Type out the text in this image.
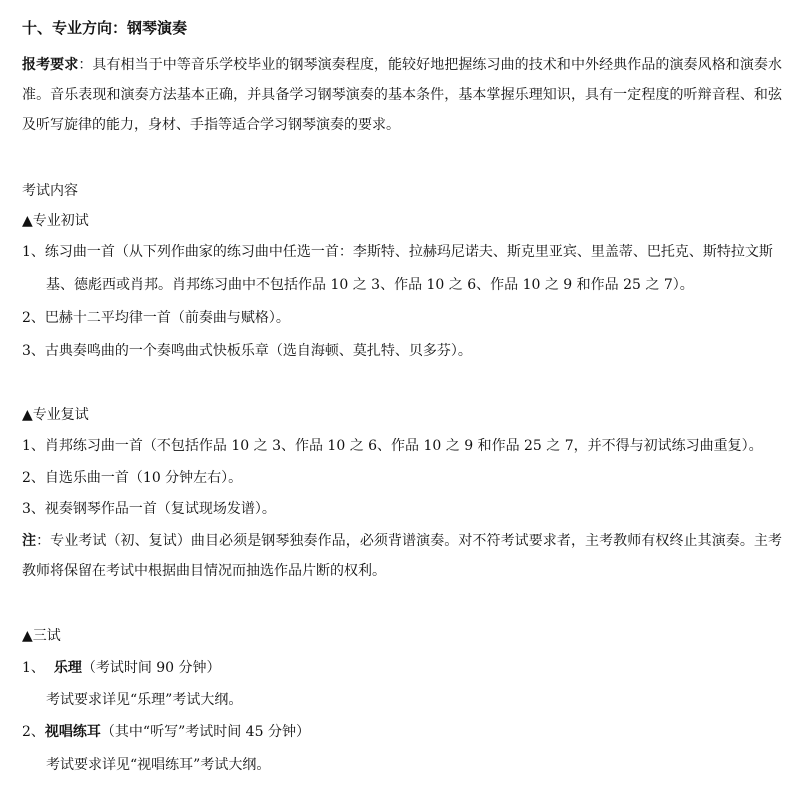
十、专业方向：钢琴演奏
报考要求：具有相当于中等音乐学校毕业的钢琴演奏程度，能较好地把握练习曲的技术和中外经典作品的演奏风格和演奏水准。音乐表现和演奏方法基本正确，并具备学习钢琴演奏的基本条件，基本掌握乐理知识，具有一定程度的听辩音程、和弦及听写旋律的能力，身材、手指等适合学习钢琴演奏的要求。
考试内容
▲专业初试
1、练习曲一首（从下列作曲家的练习曲中任选一首：李斯特、拉赫玛尼诺夫、斯克里亚宾、里盖蒂、巴托克、斯特拉文斯
基、德彪西或肖邦。肖邦练习曲中不包括作品 10 之 3、作品 10 之 6、作品 10 之 9 和作品 25 之 7）。
2、巴赫十二平均律一首（前奏曲与赋格）。
3、古典奏鸣曲的一个奏鸣曲式快板乐章（选自海顿、莫扎特、贝多芬）。
▲专业复试
1、肖邦练习曲一首（不包括作品 10 之 3、作品 10 之 6、作品 10 之 9 和作品 25 之 7，并不得与初试练习曲重复）。
2、自选乐曲一首（10 分钟左右）。
3、视奏钢琴作品一首（复试现场发谱）。
注：专业考试（初、复试）曲目必须是钢琴独奏作品，必须背谱演奏。对不符考试要求者，主考教师有权终止其演奏。主考教师将保留在考试中根据曲目情况而抽选作品片断的权利。
▲三试
1、 乐理（考试时间 90 分钟）
考试要求详见“乐理”考试大纲。
2、视唱练耳（其中“听写”考试时间 45 分钟）
考试要求详见“视唱练耳”考试大纲。
